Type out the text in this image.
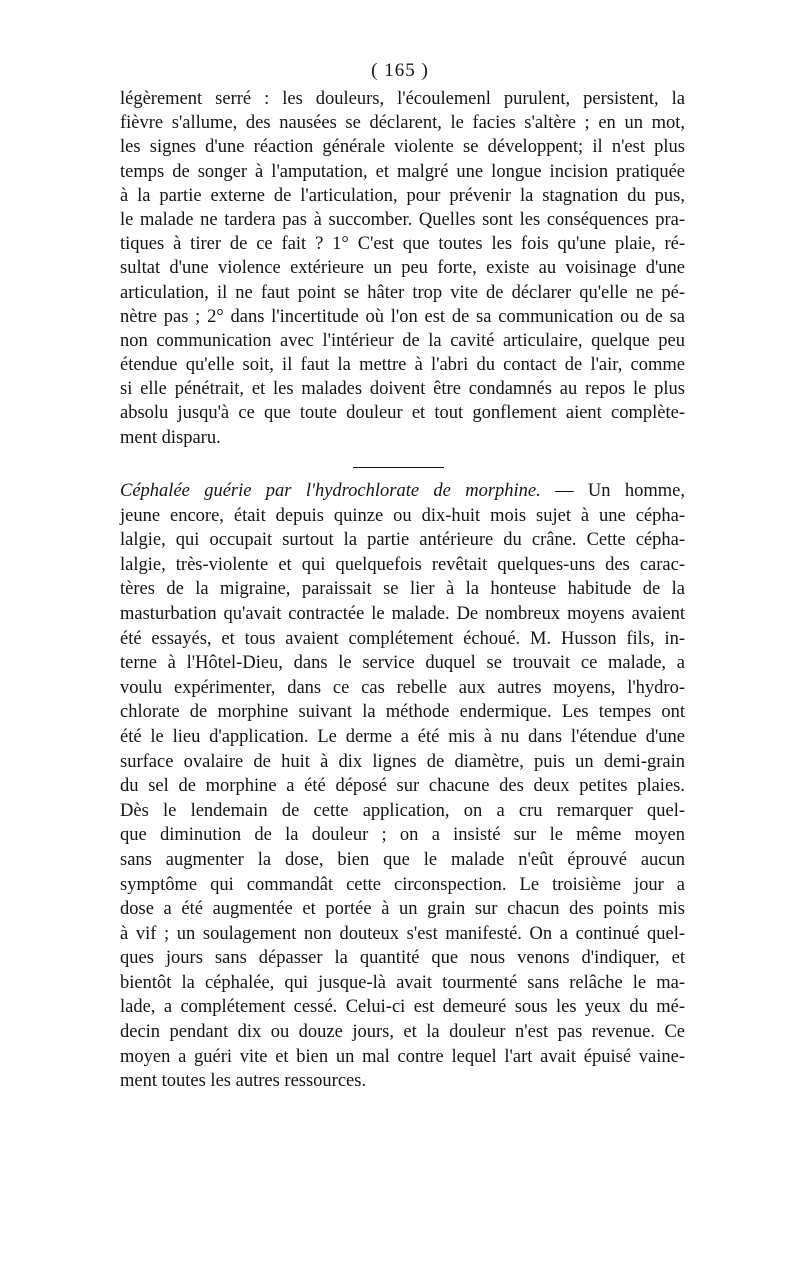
( 165 )
légèrement serré : les douleurs, l'écoulemenl purulent, persistent, la
fièvre s'allume, des nausées se déclarent, le facies s'altère ; en un mot,
les signes d'une réaction générale violente se développent; il n'est plus
temps de songer à l'amputation, et malgré une longue incision pratiquée
à la partie externe de l'articulation, pour prévenir la stagnation du pus,
le malade ne tardera pas à succomber. Quelles sont les conséquences pra-
tiques à tirer de ce fait ? 1° C'est que toutes les fois qu'une plaie, ré-
sultat d'une violence extérieure un peu forte, existe au voisinage d'une
articulation, il ne faut point se hâter trop vite de déclarer qu'elle ne pé-
nètre pas ; 2° dans l'incertitude où l'on est de sa communication ou de sa
non communication avec l'intérieur de la cavité articulaire, quelque peu
étendue qu'elle soit, il faut la mettre à l'abri du contact de l'air, comme
si elle pénétrait, et les malades doivent être condamnés au repos le plus
absolu jusqu'à ce que toute douleur et tout gonflement aient complète-
ment disparu.
Céphalée guérie par l'hydrochlorate de morphine. — Un homme,
jeune encore, était depuis quinze ou dix-huit mois sujet à une cépha-
lalgie, qui occupait surtout la partie antérieure du crâne. Cette cépha-
lalgie, très-violente et qui quelquefois revêtait quelques-uns des carac-
tères de la migraine, paraissait se lier à la honteuse habitude de la
masturbation qu'avait contractée le malade. De nombreux moyens avaient
été essayés, et tous avaient complétement échoué. M. Husson fils, in-
terne à l'Hôtel-Dieu, dans le service duquel se trouvait ce malade, a
voulu expérimenter, dans ce cas rebelle aux autres moyens, l'hydro-
chlorate de morphine suivant la méthode endermique. Les tempes ont
été le lieu d'application. Le derme a été mis à nu dans l'étendue d'une
surface ovalaire de huit à dix lignes de diamètre, puis un demi-grain
du sel de morphine a été déposé sur chacune des deux petites plaies.
Dès le lendemain de cette application, on a cru remarquer quel-
que diminution de la douleur ; on a insisté sur le même moyen
sans augmenter la dose, bien que le malade n'eût éprouvé aucun
symptôme qui commandât cette circonspection. Le troisième jour a
dose a été augmentée et portée à un grain sur chacun des points mis
à vif ; un soulagement non douteux s'est manifesté. On a continué quel-
ques jours sans dépasser la quantité que nous venons d'indiquer, et
bientôt la céphalée, qui jusque-là avait tourmenté sans relâche le ma-
lade, a complétement cessé. Celui-ci est demeuré sous les yeux du mé-
decin pendant dix ou douze jours, et la douleur n'est pas revenue. Ce
moyen a guéri vite et bien un mal contre lequel l'art avait épuisé vaine-
ment toutes les autres ressources.
